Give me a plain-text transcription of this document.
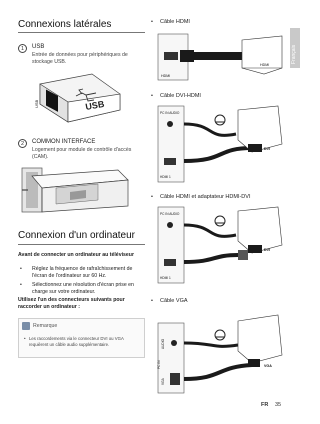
Français
Connexions latérales
1	USB
Entrée de données pour périphériques de stockage USB.
USB	USB
2	COMMON INTERFACE
Logement pour module de contrôle d'accès (CAM).
Connexion d'un ordinateur
Avant de connecter un ordinateur au téléviseur
• Réglez la fréquence de rafraîchissement de l'écran de l'ordinateur sur 60 Hz.
• Sélectionnez une résolution d'écran prise en charge sur votre ordinateur.
Utilisez l'un des connecteurs suivants pour raccorder un ordinateur :
Remarque
• Les raccordements via le connecteur DVI ou VGA requièrent un câble audio supplémentaire.
• Câble HDMI
HDMI
HDMI
• Câble DVI-HDMI
PC IN AUDIO
HDMI 1
DVI
• Câble HDMI et adaptateur HDMI-DVI
PC IN AUDIO
HDMI 1
DVI
• Câble VGA
AUDIO
PC IN
VGA
VGA
FR 35
